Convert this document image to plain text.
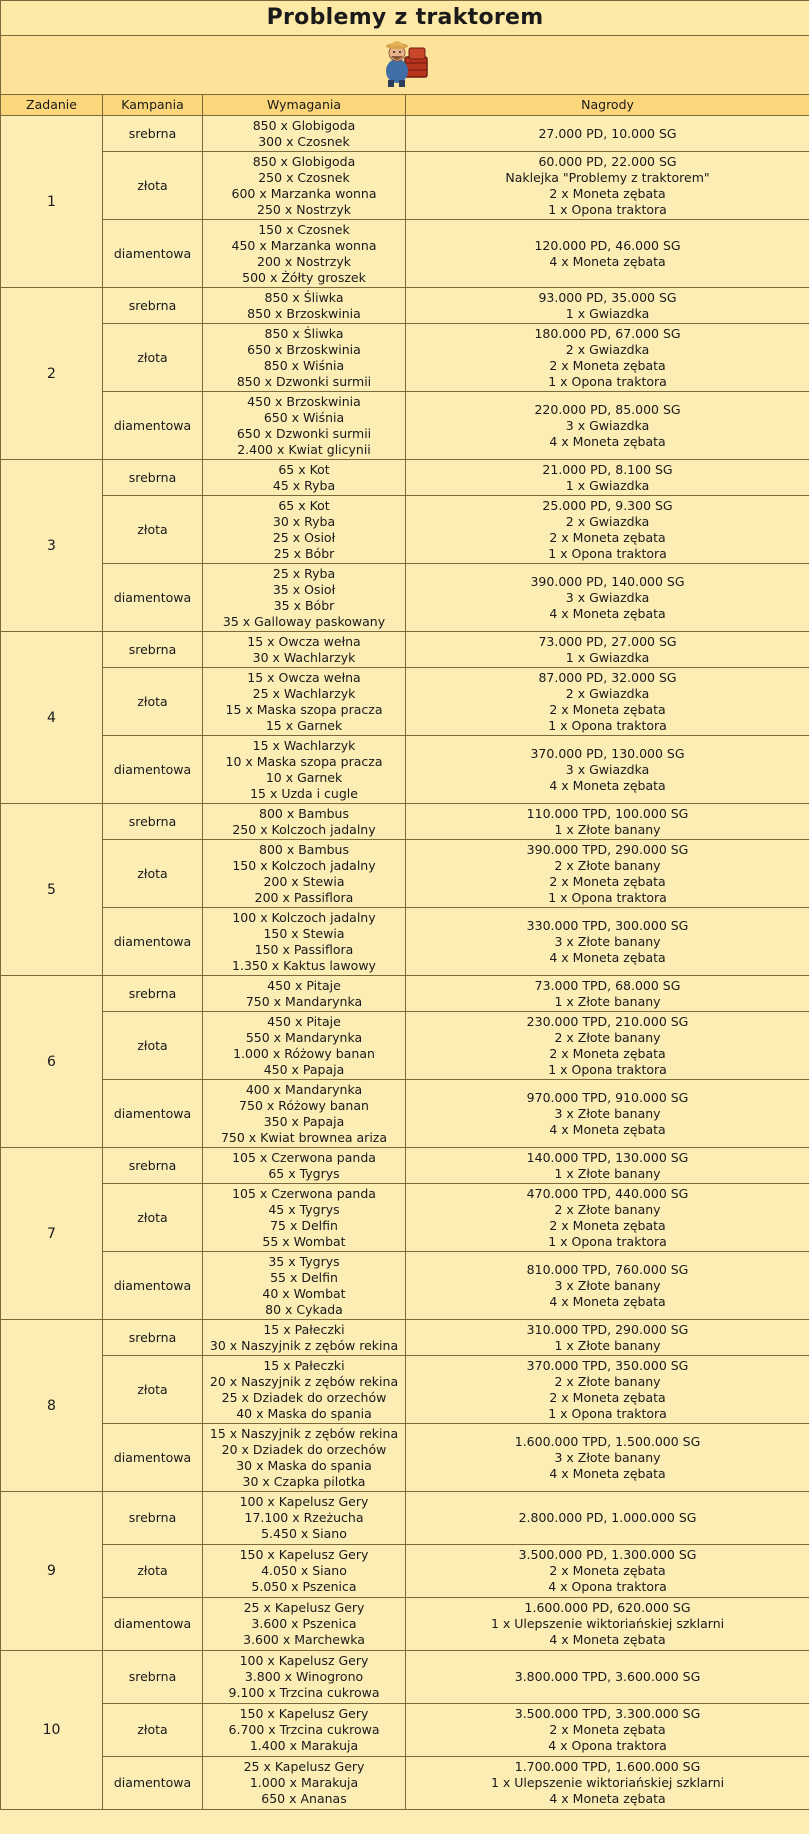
Problemy z traktorem			

Zadanie	Kampania	Wymagania	Nagrody
1	srebrna	850 x Globigoda
300 x Czosnek	27.000 PD, 10.000 SG

	złota	850 x Globigoda
250 x Czosnek
600 x Marzanka wonna
250 x Nostrzyk	60.000 PD, 22.000 SG
Naklejka "Problemy z traktorem"
2 x Moneta zębata
1 x Opona traktora

	diamentowa	150 x Czosnek
450 x Marzanka wonna
200 x Nostrzyk
500 x Żółty groszek	120.000 PD, 46.000 SG
4 x Moneta zębata

2	srebrna	850 x Śliwka
850 x Brzoskwinia	93.000 PD, 35.000 SG
1 x Gwiazdka

	złota	850 x Śliwka
650 x Brzoskwinia
850 x Wiśnia
850 x Dzwonki surmii	180.000 PD, 67.000 SG
2 x Gwiazdka
2 x Moneta zębata
1 x Opona traktora

	diamentowa	450 x Brzoskwinia
650 x Wiśnia
650 x Dzwonki surmii
2.400 x Kwiat glicynii	220.000 PD, 85.000 SG
3 x Gwiazdka
4 x Moneta zębata

3	srebrna	65 x Kot
45 x Ryba	21.000 PD, 8.100 SG
1 x Gwiazdka

	złota	65 x Kot
30 x Ryba
25 x Osioł
25 x Bóbr	25.000 PD, 9.300 SG
2 x Gwiazdka
2 x Moneta zębata
1 x Opona traktora

	diamentowa	25 x Ryba
35 x Osioł
35 x Bóbr
35 x Galloway paskowany	390.000 PD, 140.000 SG
3 x Gwiazdka
4 x Moneta zębata

4	srebrna	15 x Owcza wełna
30 x Wachlarzyk	73.000 PD, 27.000 SG
1 x Gwiazdka

	złota	15 x Owcza wełna
25 x Wachlarzyk
15 x Maska szopa pracza
15 x Garnek	87.000 PD, 32.000 SG
2 x Gwiazdka
2 x Moneta zębata
1 x Opona traktora

	diamentowa	15 x Wachlarzyk
10 x Maska szopa pracza
10 x Garnek
15 x Uzda i cugle	370.000 PD, 130.000 SG
3 x Gwiazdka
4 x Moneta zębata

5	srebrna	800 x Bambus
250 x Kolczoch jadalny	110.000 TPD, 100.000 SG
1 x Złote banany

	złota	800 x Bambus
150 x Kolczoch jadalny
200 x Stewia
200 x Passiflora	390.000 TPD, 290.000 SG
2 x Złote banany
2 x Moneta zębata
1 x Opona traktora

	diamentowa	100 x Kolczoch jadalny
150 x Stewia
150 x Passiflora
1.350 x Kaktus lawowy	330.000 TPD, 300.000 SG
3 x Złote banany
4 x Moneta zębata

6	srebrna	450 x Pitaje
750 x Mandarynka	73.000 TPD, 68.000 SG
1 x Złote banany

	złota	450 x Pitaje
550 x Mandarynka
1.000 x Różowy banan
450 x Papaja	230.000 TPD, 210.000 SG
2 x Złote banany
2 x Moneta zębata
1 x Opona traktora

	diamentowa	400 x Mandarynka
750 x Różowy banan
350 x Papaja
750 x Kwiat brownea ariza	970.000 TPD, 910.000 SG
3 x Złote banany
4 x Moneta zębata

7	srebrna	105 x Czerwona panda
65 x Tygrys	140.000 TPD, 130.000 SG
1 x Złote banany

	złota	105 x Czerwona panda
45 x Tygrys
75 x Delfin
55 x Wombat	470.000 TPD, 440.000 SG
2 x Złote banany
2 x Moneta zębata
1 x Opona traktora

	diamentowa	35 x Tygrys
55 x Delfin
40 x Wombat
80 x Cykada	810.000 TPD, 760.000 SG
3 x Złote banany
4 x Moneta zębata

8	srebrna	15 x Pałeczki
30 x Naszyjnik z zębów rekina	310.000 TPD, 290.000 SG
1 x Złote banany

	złota	15 x Pałeczki
20 x Naszyjnik z zębów rekina
25 x Dziadek do orzechów
40 x Maska do spania	370.000 TPD, 350.000 SG
2 x Złote banany
2 x Moneta zębata
1 x Opona traktora

	diamentowa	15 x Naszyjnik z zębów rekina
20 x Dziadek do orzechów
30 x Maska do spania
30 x Czapka pilotka	1.600.000 TPD, 1.500.000 SG
3 x Złote banany
4 x Moneta zębata

9	srebrna	100 x Kapelusz Gery
17.100 x Rzeżucha
5.450 x Siano	2.800.000 PD, 1.000.000 SG

	złota	150 x Kapelusz Gery
4.050 x Siano
5.050 x Pszenica	3.500.000 PD, 1.300.000 SG
2 x Moneta zębata
4 x Opona traktora

	diamentowa	25 x Kapelusz Gery
3.600 x Pszenica
3.600 x Marchewka	1.600.000 PD, 620.000 SG
1 x Ulepszenie wiktoriańskiej szklarni
4 x Moneta zębata

10	srebrna	100 x Kapelusz Gery
3.800 x Winogrono
9.100 x Trzcina cukrowa	3.800.000 TPD, 3.600.000 SG

	złota	150 x Kapelusz Gery
6.700 x Trzcina cukrowa
1.400 x Marakuja	3.500.000 TPD, 3.300.000 SG
2 x Moneta zębata
4 x Opona traktora

	diamentowa	25 x Kapelusz Gery
1.000 x Marakuja
650 x Ananas	1.700.000 TPD, 1.600.000 SG
1 x Ulepszenie wiktoriańskiej szklarni
4 x Moneta zębata
